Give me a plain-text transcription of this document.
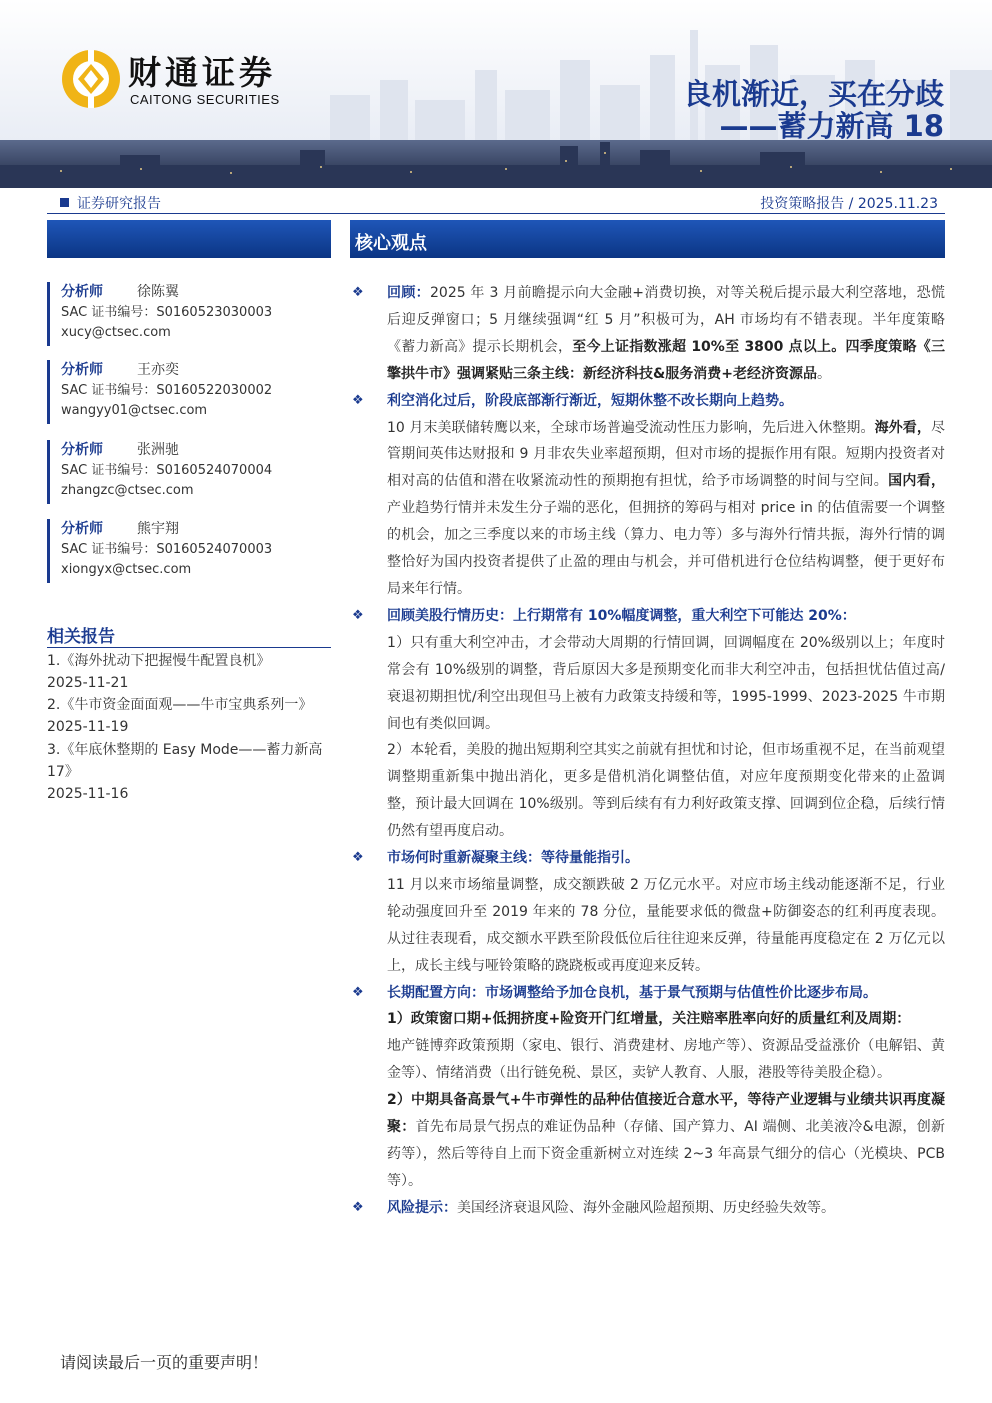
财通证券
CAITONG SECURITIES	良机渐近，买在分歧
——蓄力新高 18
证券研究报告	投资策略报告 / 2025.11.23
核心观点
分析师 徐陈翼
SAC 证书编号：S0160523030003
xucy@ctsec.com
分析师 王亦奕
SAC 证书编号：S0160522030002
wangyy01@ctsec.com
分析师 张洲驰
SAC 证书编号：S0160524070004
zhangzc@ctsec.com
分析师 熊宇翔
SAC 证书编号：S0160524070003
xiongyx@ctsec.com
相关报告
1.《海外扰动下把握慢牛配置良机》
2025-11-21
2.《牛市资金面面观——牛市宝典系列一》
2025-11-19
3.《年底休整期的 Easy Mode——蓄力新高 17》
2025-11-16
❖ 回顾：2025 年 3 月前瞻提示向大金融+消费切换，对等关税后提示最大利空落地，恐慌后迎反弹窗口；5 月继续强调“红 5 月”积极可为，AH 市场均有不错表现。半年度策略《蓄力新高》提示长期机会，至今上证指数涨超 10%至 3800 点以上。四季度策略《三擎拱牛市》强调紧贴三条主线：新经济科技&服务消费+老经济资源品。
❖ 利空消化过后，阶段底部渐行渐近，短期休整不改长期向上趋势。
10 月末美联储转鹰以来，全球市场普遍受流动性压力影响，先后进入休整期。海外看，尽管期间英伟达财报和 9 月非农失业率超预期，但对市场的提振作用有限。短期内投资者对相对高的估值和潜在收紧流动性的预期抱有担忧，给予市场调整的时间与空间。国内看，产业趋势行情并未发生分子端的恶化，但拥挤的筹码与相对 price in 的估值需要一个调整的机会，加之三季度以来的市场主线（算力、电力等）多与海外行情共振，海外行情的调整恰好为国内投资者提供了止盈的理由与机会，并可借机进行仓位结构调整，便于更好布局来年行情。
❖ 回顾美股行情历史：上行期常有 10%幅度调整，重大利空下可能达 20%：
1）只有重大利空冲击，才会带动大周期的行情回调，回调幅度在 20%级别以上；年度时常会有 10%级别的调整，背后原因大多是预期变化而非大利空冲击，包括担忧估值过高/衰退初期担忧/利空出现但马上被有力政策支持缓和等，1995-1999、2023-2025 牛市期间也有类似回调。
2）本轮看，美股的抛出短期利空其实之前就有担忧和讨论，但市场重视不足，在当前观望调整期重新集中抛出消化，更多是借机消化调整估值，对应年度预期变化带来的止盈调整，预计最大回调在 10%级别。等到后续有有力利好政策支撑、回调到位企稳，后续行情仍然有望再度启动。
❖ 市场何时重新凝聚主线：等待量能指引。
11 月以来市场缩量调整，成交额跌破 2 万亿元水平。对应市场主线动能逐渐不足，行业轮动强度回升至 2019 年来的 78 分位，量能要求低的微盘+防御姿态的红利再度表现。从过往表现看，成交额水平跌至阶段低位后往往迎来反弹，待量能再度稳定在 2 万亿元以上，成长主线与哑铃策略的跷跷板或再度迎来反转。
❖ 长期配置方向：市场调整给予加仓良机，基于景气预期与估值性价比逐步布局。
1）政策窗口期+低拥挤度+险资开门红增量，关注赔率胜率向好的质量红利及周期：
地产链博弈政策预期（家电、银行、消费建材、房地产等）、资源品受益涨价（电解铝、黄金等）、情绪消费（出行链免税、景区，卖铲人教育、人服，港股等待美股企稳）。
2）中期具备高景气+牛市弹性的品种估值接近合意水平，等待产业逻辑与业绩共识再度凝聚：首先布局景气拐点的难证伪品种（存储、国产算力、AI 端侧、北美液冷&电源，创新药等），然后等待自上而下资金重新树立对连续 2~3 年高景气细分的信心（光模块、PCB 等）。
❖ 风险提示：美国经济衰退风险、海外金融风险超预期、历史经验失效等。
请阅读最后一页的重要声明！
